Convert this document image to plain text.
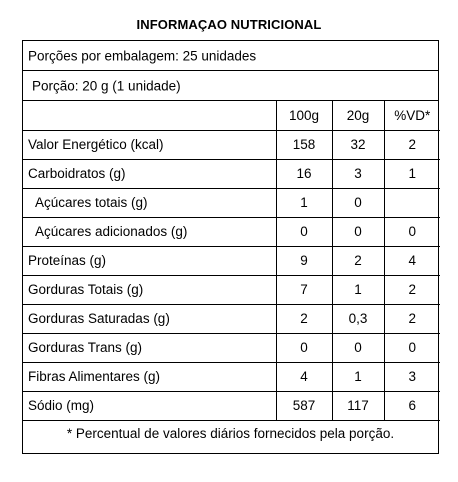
INFORMAÇAO NUTRICIONAL
Porções por embalagem: 25 unidades
Porção: 20 g (1 unidade)
	100g	20g	%VD*
Valor Energético (kcal)	158	32	2
Carboidratos (g)	16	3	1
Açúcares totais (g)	1	0	
Açúcares adicionados (g)	0	0	0
Proteínas (g)	9	2	4
Gorduras Totais (g)	7	1	2
Gorduras Saturadas (g)	2	0,3	2
Gorduras Trans (g)	0	0	0
Fibras Alimentares (g)	4	1	3
Sódio (mg)	587	117	6
* Percentual de valores diários fornecidos pela porção.
